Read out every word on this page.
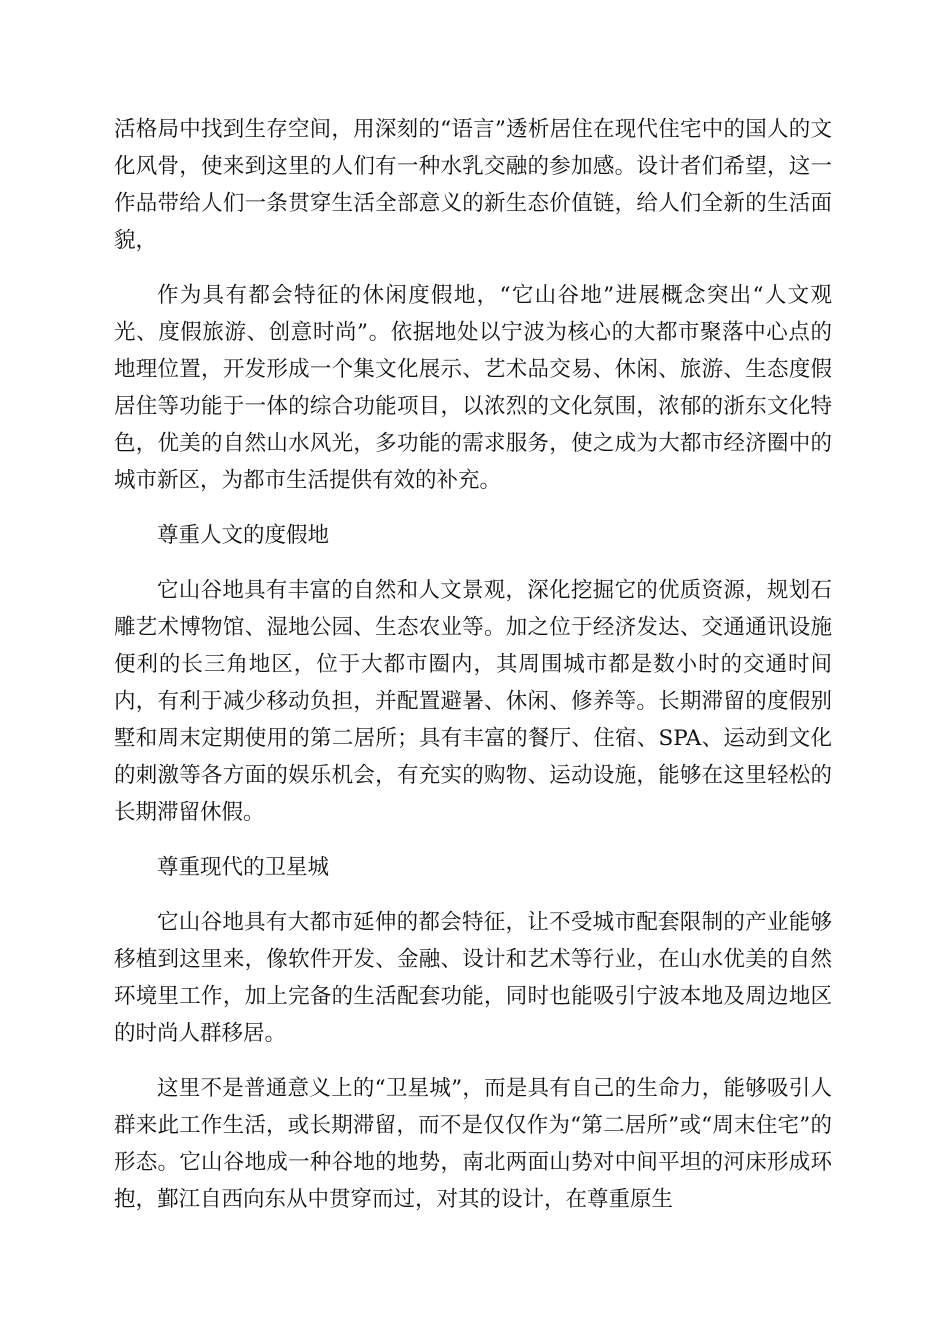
活格局中找到生存空间，用深刻的“语言”透析居住在现代住宅中的国人的文化风骨，使来到这里的人们有一种水乳交融的参加感。设计者们希望，这一作品带给人们一条贯穿生活全部意义的新生态价值链，给人们全新的生活面貌，

作为具有都会特征的休闲度假地，“它山谷地”进展概念突出“人文观光、度假旅游、创意时尚”。依据地处以宁波为核心的大都市聚落中心点的地理位置，开发形成一个集文化展示、艺术品交易、休闲、旅游、生态度假居住等功能于一体的综合功能项目，以浓烈的文化氛围，浓郁的浙东文化特色，优美的自然山水风光，多功能的需求服务，使之成为大都市经济圈中的城市新区，为都市生活提供有效的补充。

尊重人文的度假地

它山谷地具有丰富的自然和人文景观，深化挖掘它的优质资源，规划石雕艺术博物馆、湿地公园、生态农业等。加之位于经济发达、交通通讯设施便利的长三角地区，位于大都市圈内，其周围城市都是数小时的交通时间内，有利于减少移动负担，并配置避暑、休闲、修养等。长期滞留的度假别墅和周末定期使用的第二居所；具有丰富的餐厅、住宿、SPA、运动到文化的刺激等各方面的娱乐机会，有充实的购物、运动设施，能够在这里轻松的长期滞留休假。

尊重现代的卫星城

它山谷地具有大都市延伸的都会特征，让不受城市配套限制的产业能够移植到这里来，像软件开发、金融、设计和艺术等行业，在山水优美的自然环境里工作，加上完备的生活配套功能，同时也能吸引宁波本地及周边地区的时尚人群移居。

这里不是普通意义上的“卫星城”，而是具有自己的生命力，能够吸引人群来此工作生活，或长期滞留，而不是仅仅作为“第二居所”或“周末住宅”的形态。它山谷地成一种谷地的地势，南北两面山势对中间平坦的河床形成环抱，鄞江自西向东从中贯穿而过，对其的设计，在尊重原生
